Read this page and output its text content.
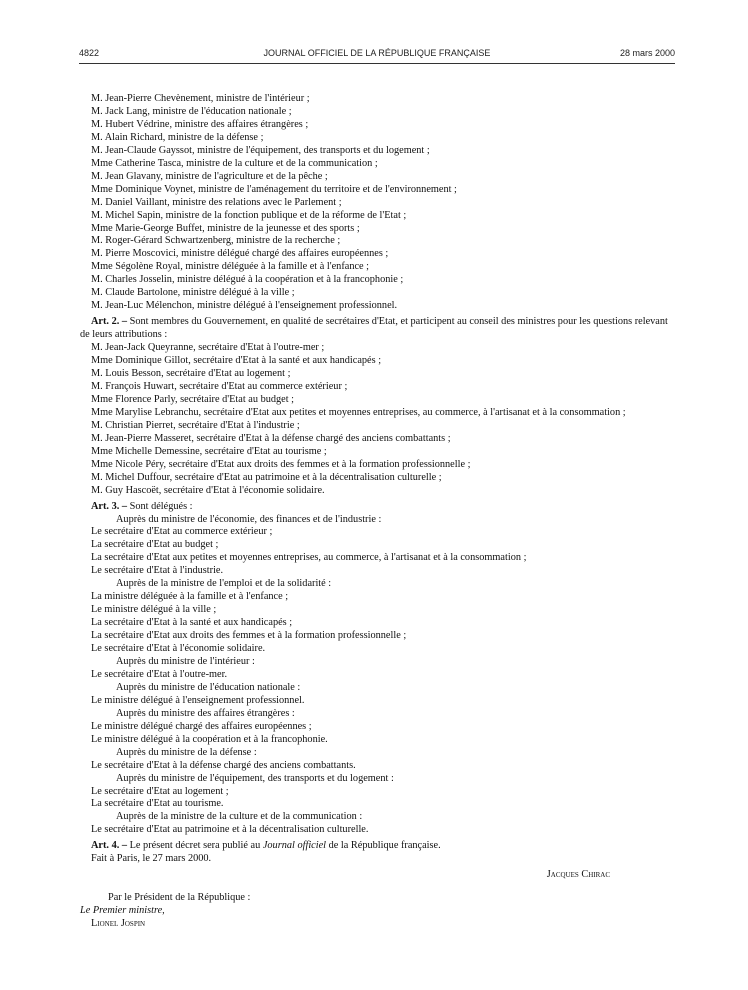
4822	JOURNAL OFFICIEL DE LA RÉPUBLIQUE FRANÇAISE	28 mars 2000
M. Jean-Pierre Chevènement, ministre de l'intérieur ;
M. Jack Lang, ministre de l'éducation nationale ;
M. Hubert Védrine, ministre des affaires étrangères ;
M. Alain Richard, ministre de la défense ;
M. Jean-Claude Gayssot, ministre de l'équipement, des transports et du logement ;
Mme Catherine Tasca, ministre de la culture et de la communication ;
M. Jean Glavany, ministre de l'agriculture et de la pêche ;
Mme Dominique Voynet, ministre de l'aménagement du territoire et de l'environnement ;
M. Daniel Vaillant, ministre des relations avec le Parlement ;
M. Michel Sapin, ministre de la fonction publique et de la réforme de l'Etat ;
Mme Marie-George Buffet, ministre de la jeunesse et des sports ;
M. Roger-Gérard Schwartzenberg, ministre de la recherche ;
M. Pierre Moscovici, ministre délégué chargé des affaires européennes ;
Mme Ségolène Royal, ministre déléguée à la famille et à l'enfance ;
M. Charles Josselin, ministre délégué à la coopération et à la francophonie ;
M. Claude Bartolone, ministre délégué à la ville ;
M. Jean-Luc Mélenchon, ministre délégué à l'enseignement professionnel.
Art. 2. – Sont membres du Gouvernement, en qualité de secrétaires d'Etat, et participent au conseil des ministres pour les questions relevant de leurs attributions :
M. Jean-Jack Queyranne, secrétaire d'Etat à l'outre-mer ;
Mme Dominique Gillot, secrétaire d'Etat à la santé et aux handicapés ;
M. Louis Besson, secrétaire d'Etat au logement ;
M. François Huwart, secrétaire d'Etat au commerce extérieur ;
Mme Florence Parly, secrétaire d'Etat au budget ;
Mme Marylise Lebranchu, secrétaire d'Etat aux petites et moyennes entreprises, au commerce, à l'artisanat et à la consommation ;
M. Christian Pierret, secrétaire d'Etat à l'industrie ;
M. Jean-Pierre Masseret, secrétaire d'Etat à la défense chargé des anciens combattants ;
Mme Michelle Demessine, secrétaire d'Etat au tourisme ;
Mme Nicole Péry, secrétaire d'Etat aux droits des femmes et à la formation professionnelle ;
M. Michel Duffour, secrétaire d'Etat au patrimoine et à la décentralisation culturelle ;
M. Guy Hascoët, secrétaire d'Etat à l'économie solidaire.
Art. 3. – Sont délégués :
Auprès du ministre de l'économie, des finances et de l'industrie :
Le secrétaire d'Etat au commerce extérieur ;
La secrétaire d'Etat au budget ;
La secrétaire d'Etat aux petites et moyennes entreprises, au commerce, à l'artisanat et à la consommation ;
Le secrétaire d'Etat à l'industrie.
Auprès de la ministre de l'emploi et de la solidarité :
La ministre déléguée à la famille et à l'enfance ;
Le ministre délégué à la ville ;
La secrétaire d'Etat à la santé et aux handicapés ;
La secrétaire d'Etat aux droits des femmes et à la formation professionnelle ;
Le secrétaire d'Etat à l'économie solidaire.
Auprès du ministre de l'intérieur :
Le secrétaire d'Etat à l'outre-mer.
Auprès du ministre de l'éducation nationale :
Le ministre délégué à l'enseignement professionnel.
Auprès du ministre des affaires étrangères :
Le ministre délégué chargé des affaires européennes ;
Le ministre délégué à la coopération et à la francophonie.
Auprès du ministre de la défense :
Le secrétaire d'Etat à la défense chargé des anciens combattants.
Auprès du ministre de l'équipement, des transports et du logement :
Le secrétaire d'Etat au logement ;
La secrétaire d'Etat au tourisme.
Auprès de la ministre de la culture et de la communication :
Le secrétaire d'Etat au patrimoine et à la décentralisation culturelle.
Art. 4. – Le présent décret sera publié au Journal officiel de la République française.
Fait à Paris, le 27 mars 2000.
Jacques Chirac
Par le Président de la République :
Le Premier ministre,
Lionel Jospin
